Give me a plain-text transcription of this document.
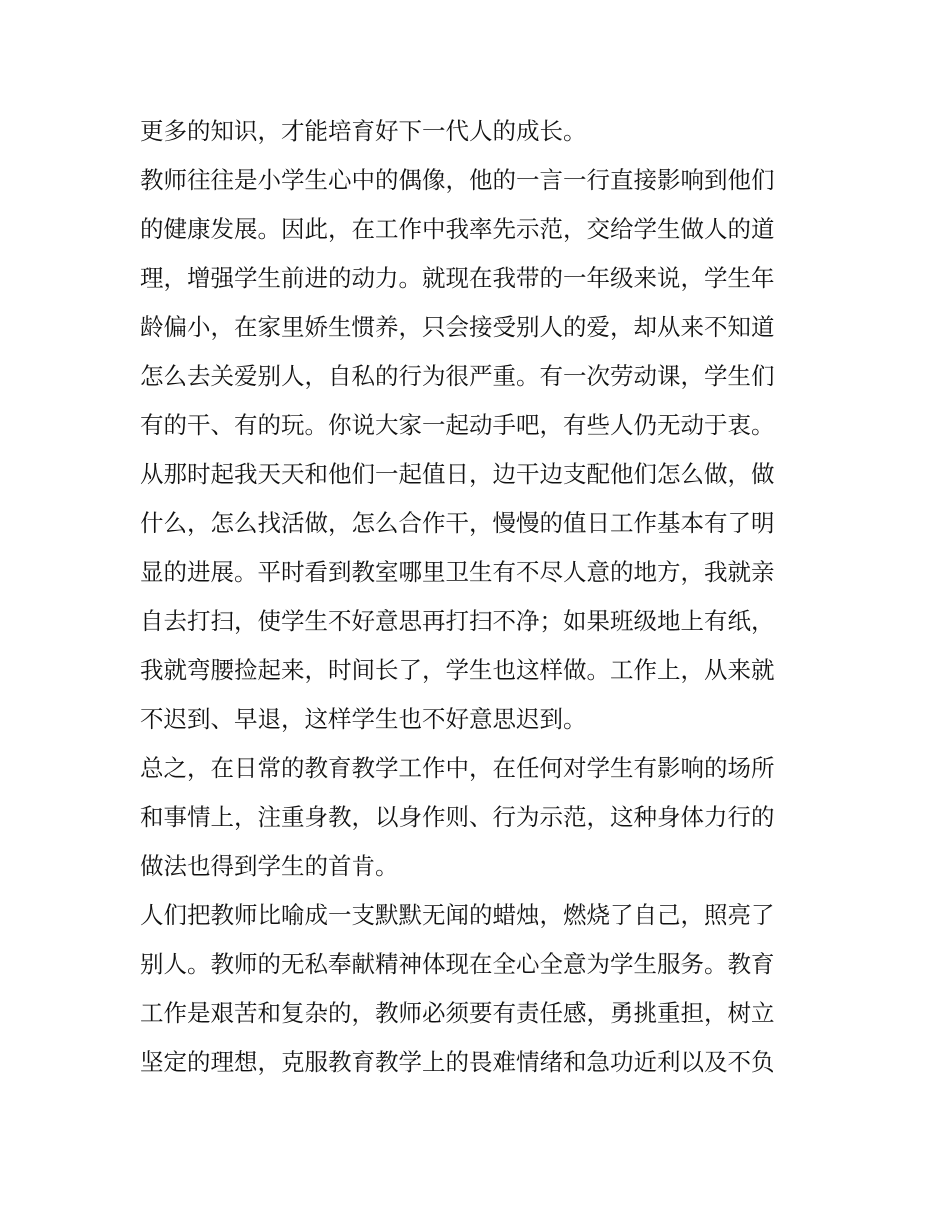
更多的知识，才能培育好下一代人的成长。
教师往往是小学生心中的偶像，他的一言一行直接影响到他们
的健康发展。因此，在工作中我率先示范，交给学生做人的道
理，增强学生前进的动力。就现在我带的一年级来说，学生年
龄偏小，在家里娇生惯养，只会接受别人的爱，却从来不知道
怎么去关爱别人，自私的行为很严重。有一次劳动课，学生们
有的干、有的玩。你说大家一起动手吧，有些人仍无动于衷。
从那时起我天天和他们一起值日，边干边支配他们怎么做，做
什么，怎么找活做，怎么合作干，慢慢的值日工作基本有了明
显的进展。平时看到教室哪里卫生有不尽人意的地方，我就亲
自去打扫，使学生不好意思再打扫不净；如果班级地上有纸，
我就弯腰捡起来，时间长了，学生也这样做。工作上，从来就
不迟到、早退，这样学生也不好意思迟到。
总之，在日常的教育教学工作中，在任何对学生有影响的场所
和事情上，注重身教，以身作则、行为示范，这种身体力行的
做法也得到学生的首肯。
人们把教师比喻成一支默默无闻的蜡烛，燃烧了自己，照亮了
别人。教师的无私奉献精神体现在全心全意为学生服务。教育
工作是艰苦和复杂的，教师必须要有责任感，勇挑重担，树立
坚定的理想，克服教育教学上的畏难情绪和急功近利以及不负
